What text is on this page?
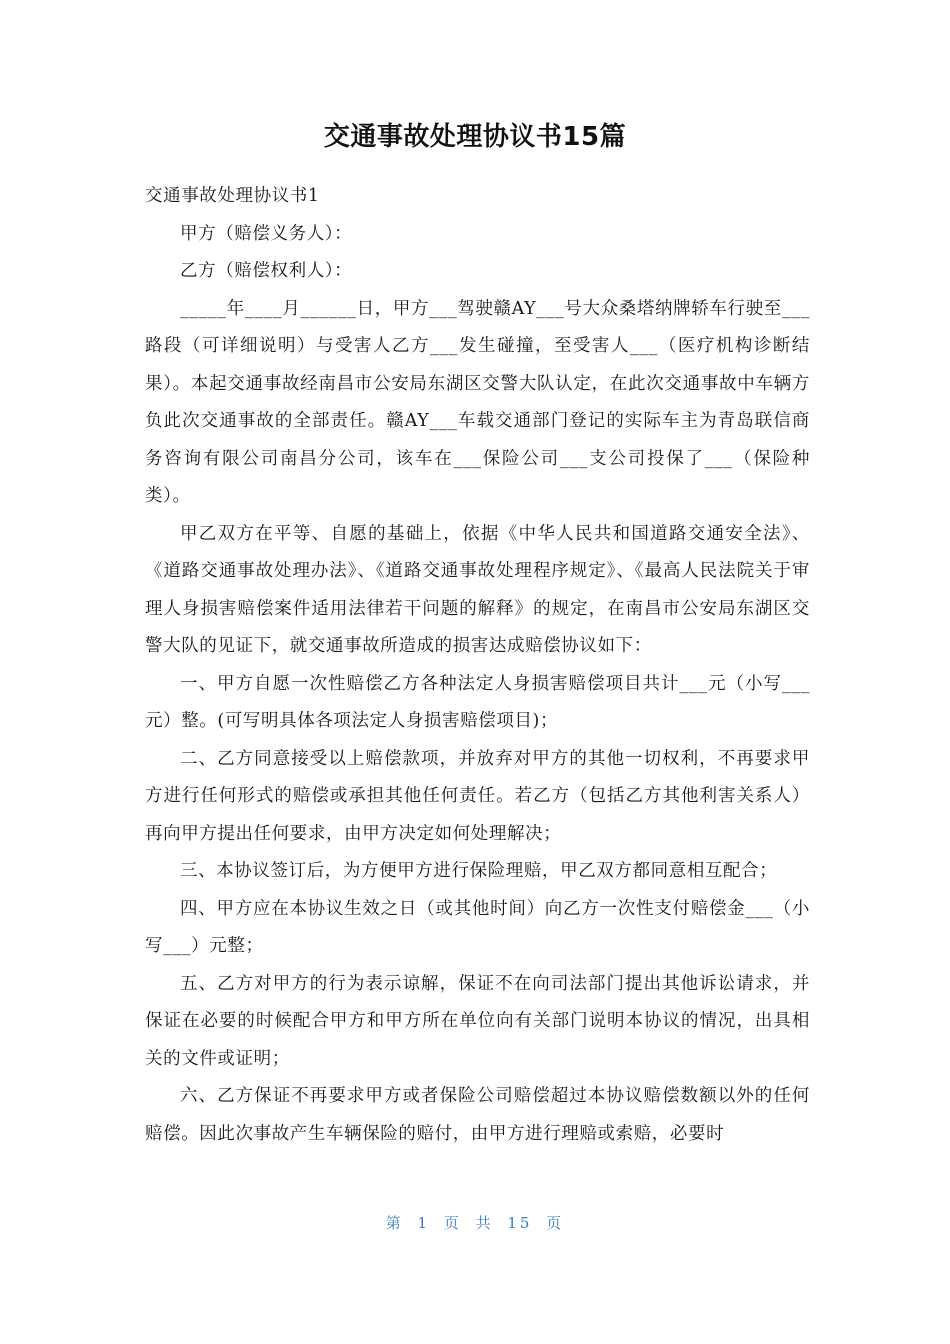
交通事故处理协议书15篇

交通事故处理协议书1

甲方（赔偿义务人）：

乙方（赔偿权利人）：

_____年____月______日，甲方___驾驶赣AY___号大众桑塔纳牌轿车行驶至___路段（可详细说明）与受害人乙方___发生碰撞，至受害人___（医疗机构诊断结果）。本起交通事故经南昌市公安局东湖区交警大队认定，在此次交通事故中车辆方负此次交通事故的全部责任。赣AY___车载交通部门登记的实际车主为青岛联信商务咨询有限公司南昌分公司，该车在___保险公司___支公司投保了___（保险种类）。

甲乙双方在平等、自愿的基础上，依据《中华人民共和国道路交通安全法》、《道路交通事故处理办法》、《道路交通事故处理程序规定》、《最高人民法院关于审理人身损害赔偿案件适用法律若干问题的解释》的规定，在南昌市公安局东湖区交警大队的见证下，就交通事故所造成的损害达成赔偿协议如下：

一、甲方自愿一次性赔偿乙方各种法定人身损害赔偿项目共计___元（小写___元）整。(可写明具体各项法定人身损害赔偿项目)；

二、乙方同意接受以上赔偿款项，并放弃对甲方的其他一切权利，不再要求甲方进行任何形式的赔偿或承担其他任何责任。若乙方（包括乙方其他利害关系人）再向甲方提出任何要求，由甲方决定如何处理解决；

三、本协议签订后，为方便甲方进行保险理赔，甲乙双方都同意相互配合；

四、甲方应在本协议生效之日（或其他时间）向乙方一次性支付赔偿金___（小写___）元整；

五、乙方对甲方的行为表示谅解，保证不在向司法部门提出其他诉讼请求，并保证在必要的时候配合甲方和甲方所在单位向有关部门说明本协议的情况，出具相关的文件或证明；

六、乙方保证不再要求甲方或者保险公司赔偿超过本协议赔偿数额以外的任何赔偿。因此次事故产生车辆保险的赔付，由甲方进行理赔或索赔，必要时

第 1 页 共 15 页
